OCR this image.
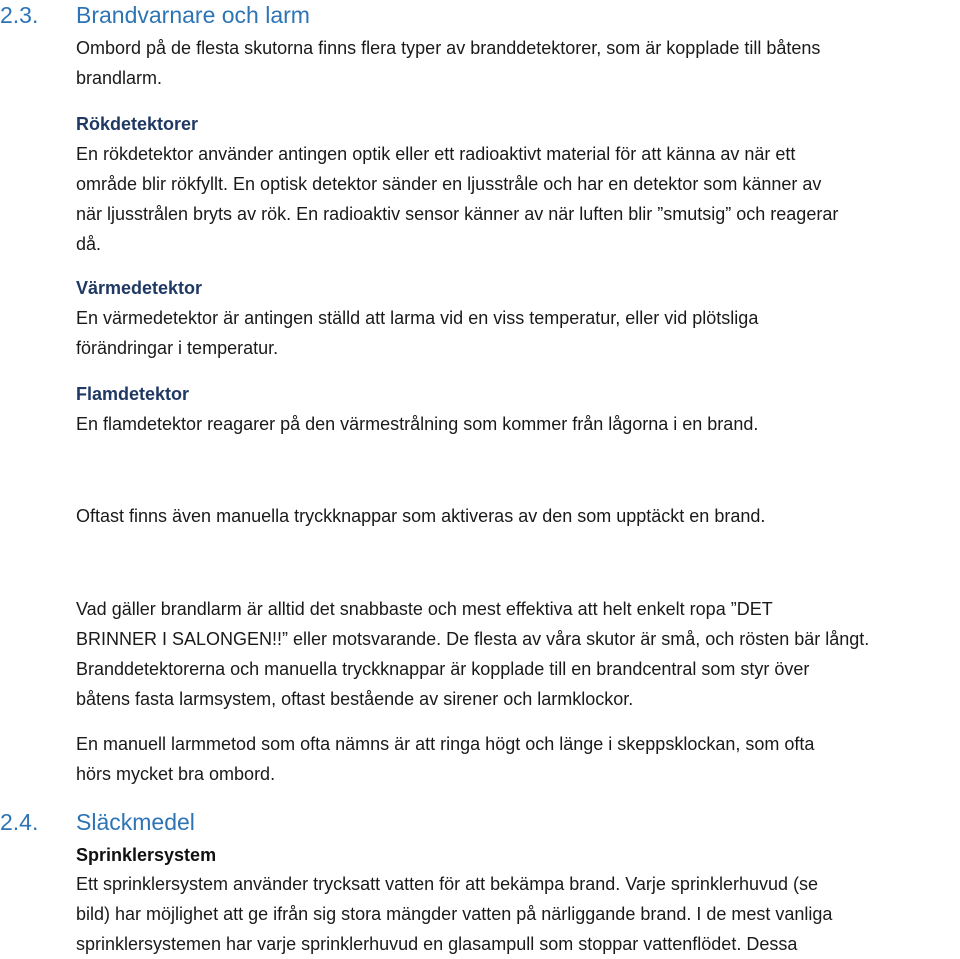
2.3. Brandvarnare och larm
Ombord på de flesta skutorna finns flera typer av branddetektorer, som är kopplade till båtens
brandlarm.
Rökdetektorer
En rökdetektor använder antingen optik eller ett radioaktivt material för att känna av när ett
område blir rökfyllt. En optisk detektor sänder en ljusstråle och har en detektor som känner av
när ljusstrålen bryts av rök. En radioaktiv sensor känner av när luften blir ”smutsig” och reagerar
då.
Värmedetektor
En värmedetektor är antingen ställd att larma vid en viss temperatur, eller vid plötsliga
förändringar i temperatur.
Flamdetektor
En flamdetektor reagarer på den värmestrålning som kommer från lågorna i en brand.
Oftast finns även manuella tryckknappar som aktiveras av den som upptäckt en brand.
Vad gäller brandlarm är alltid det snabbaste och mest effektiva att helt enkelt ropa ”DET
BRINNER I SALONGEN!!” eller motsvarande. De flesta av våra skutor är små, och rösten bär långt.
Branddetektorerna och manuella tryckknappar är kopplade till en brandcentral som styr över
båtens fasta larmsystem, oftast bestående av sirener och larmklockor.
En manuell larmmetod som ofta nämns är att ringa högt och länge i skeppsklockan, som ofta
hörs mycket bra ombord.
2.4. Släckmedel
Sprinklersystem
Ett sprinklersystem använder trycksatt vatten för att bekämpa brand. Varje sprinklerhuvud (se
bild) har möjlighet att ge ifrån sig stora mängder vatten på närliggande brand. I de mest vanliga
sprinklersystemen har varje sprinklerhuvud en glasampull som stoppar vattenflödet. Dessa
